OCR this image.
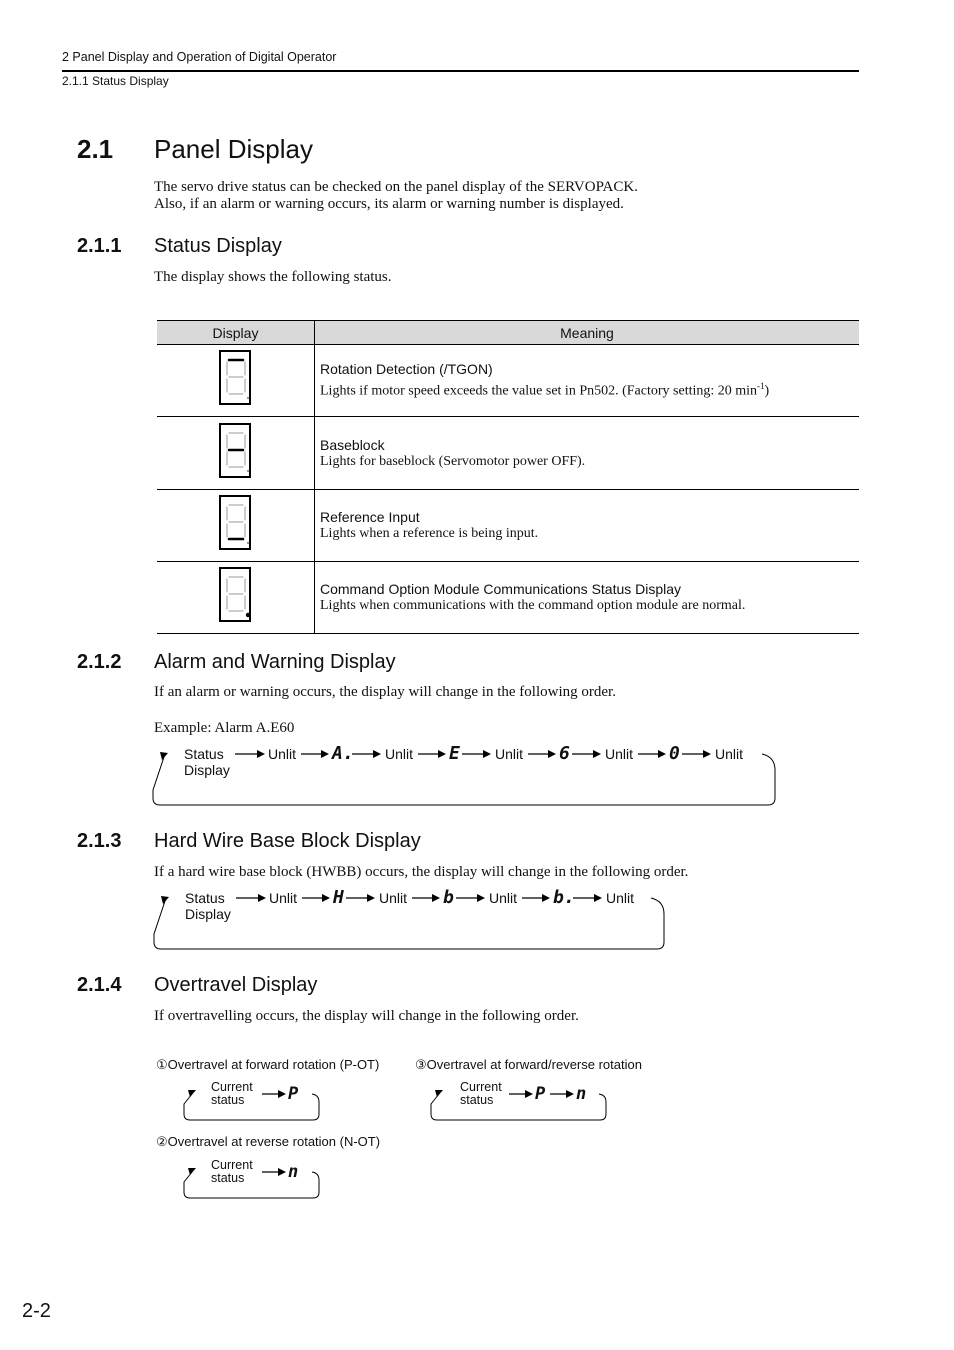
2 Panel Display and Operation of Digital Operator
2.1.1 Status Display
2.1 Panel Display
The servo drive status can be checked on the panel display of the SERVOPACK.
Also, if an alarm or warning occurs, its alarm or warning number is displayed.
2.1.1 Status Display
The display shows the following status.
Display	Meaning

Rotation Detection (/TGON)
Lights if motor speed exceeds the value set in Pn502. (Factory setting: 20 $\min^{-1}$)

Baseblock
Lights for baseblock (Servomotor power OFF).

Reference Input
Lights when a reference is being input.

Command Option Module Communications Status Display
Lights when communications with the command option module are normal.
2.1.2 Alarm and Warning Display
If an alarm or warning occurs, the display will change in the following order.
Example: Alarm A.E60
Status
Display
Unlit A. Unlit E	Unlit 6	Unlit 0	Unlit
2.1.3 Hard Wire Base Block Display
If a hard wire base block (HWBB) occurs, the display will change in the following order.
Status
Display
Unlit H	Unlit b	Unlit b. Unlit
2.1.4 Overtravel Display
If overtravelling occurs, the display will change in the following order.
①Overtravel at forward rotation (P-OT)
Current
status	P
③Overtravel at forward/reverse rotation
Current
status P n
②Overtravel at reverse rotation (N-OT)
Current
status	n
2-2
